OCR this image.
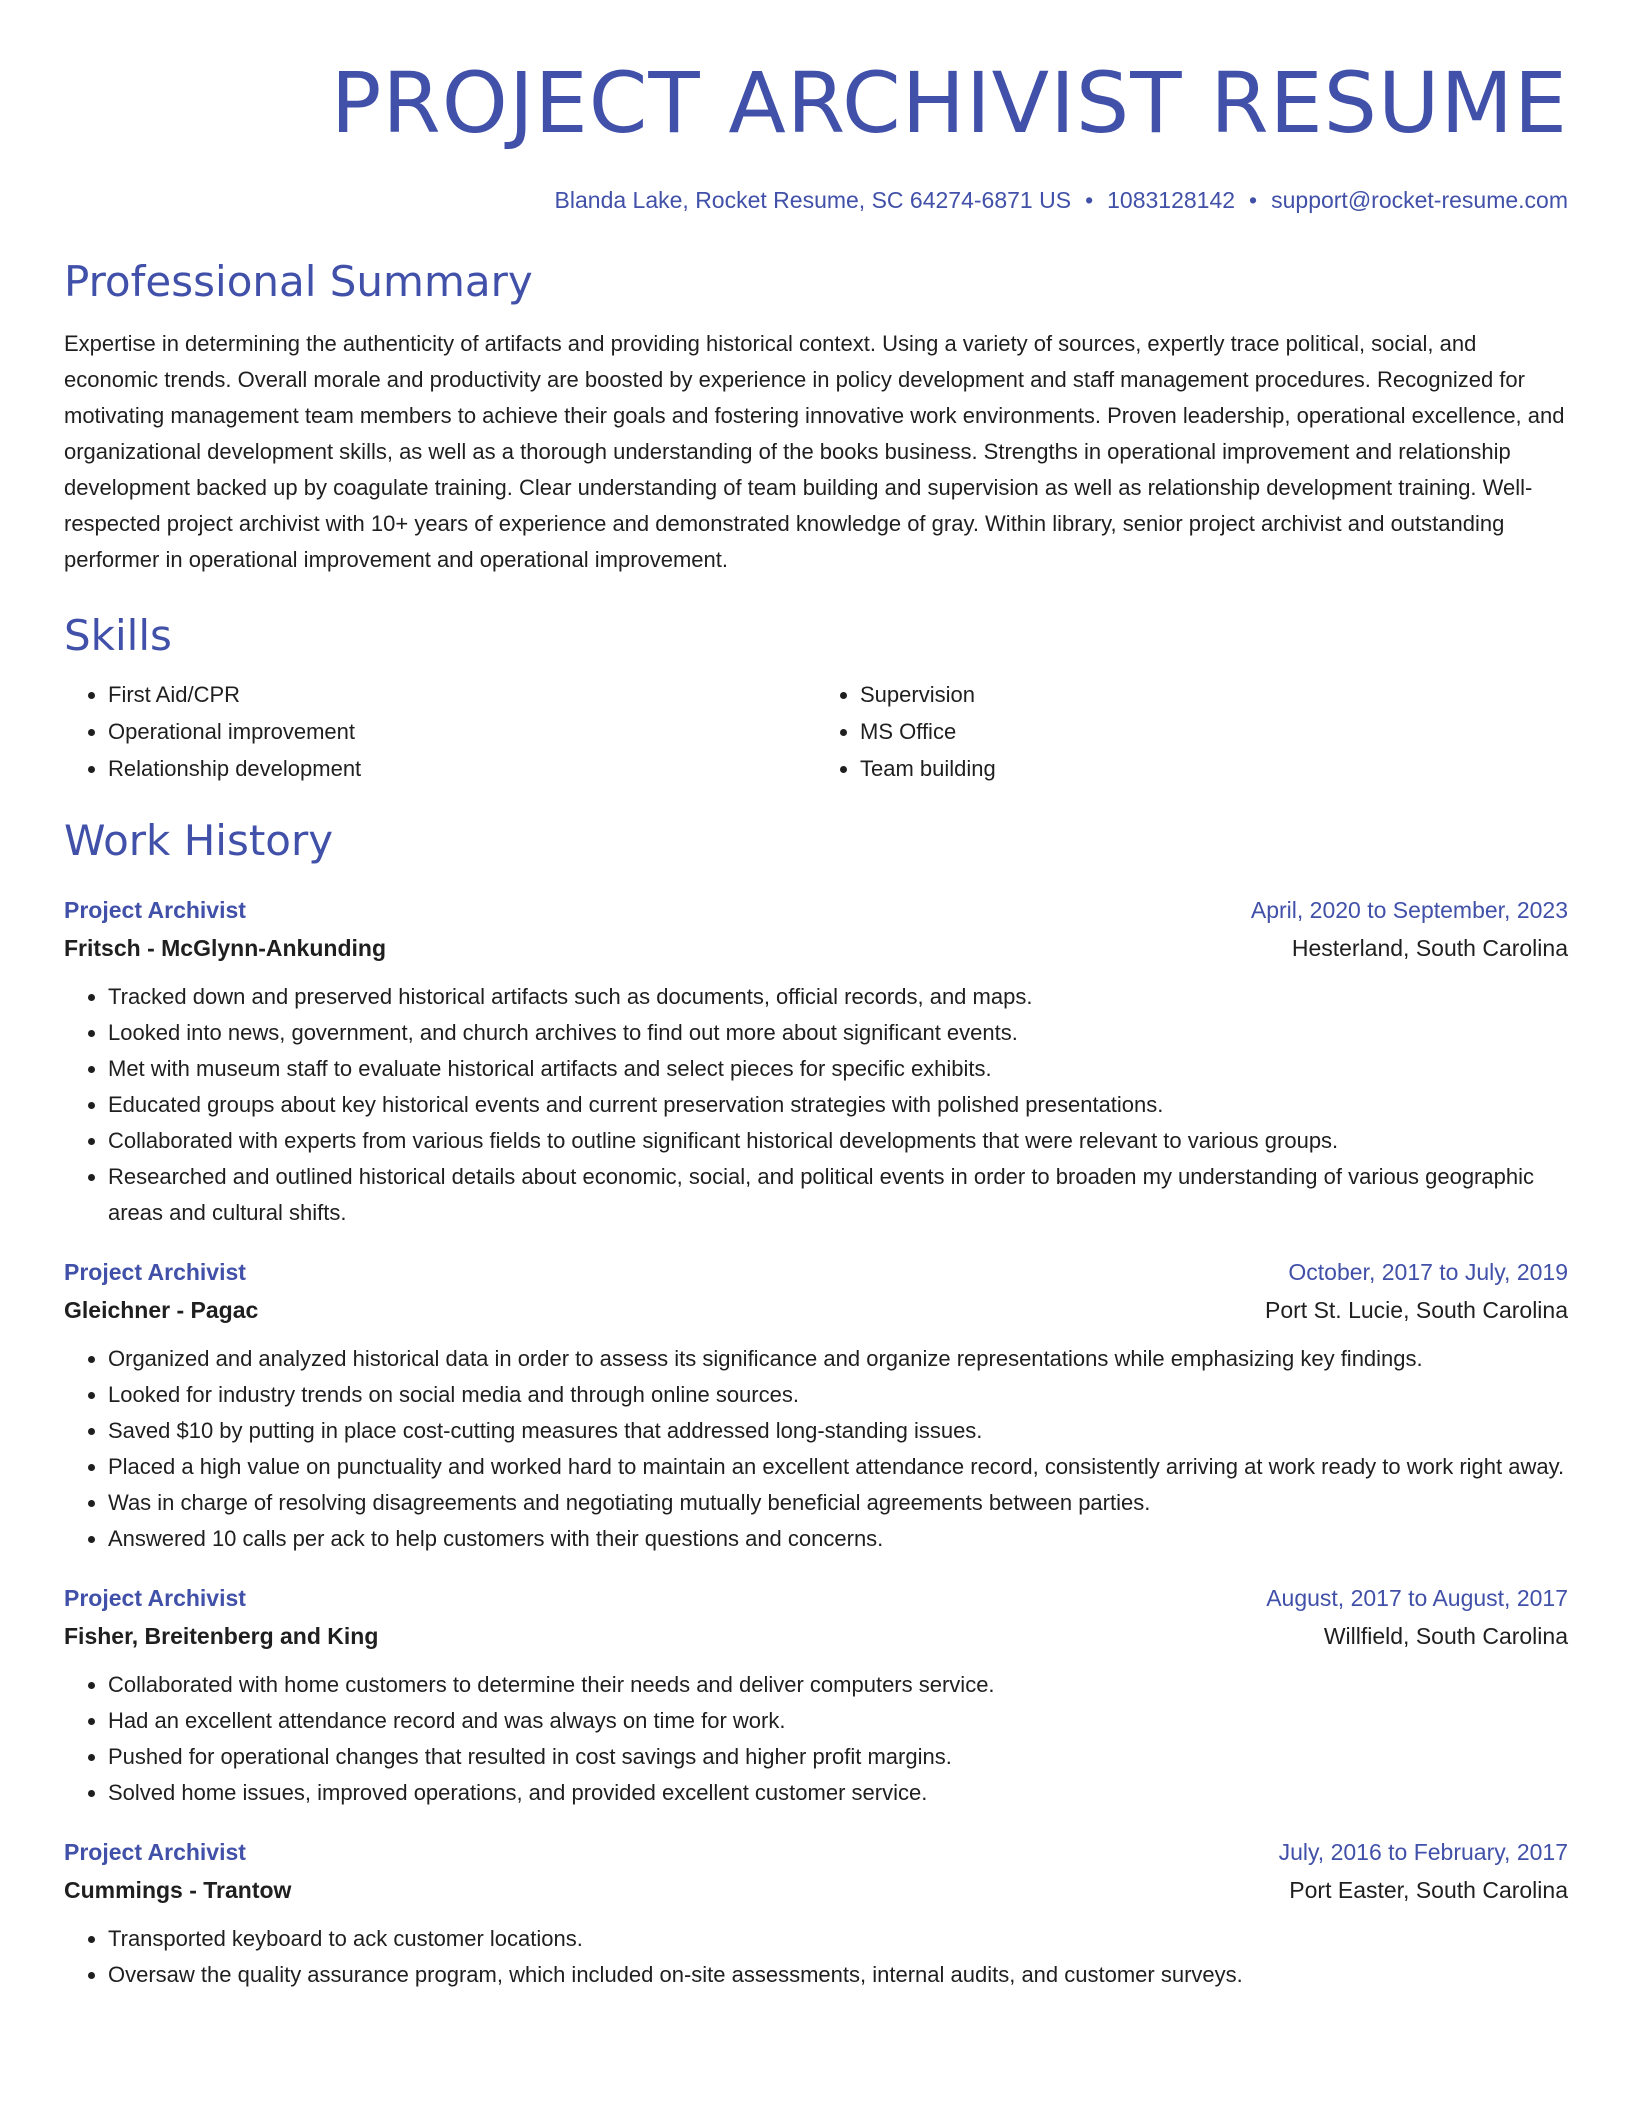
PROJECT ARCHIVIST RESUME
Blanda Lake, Rocket Resume, SC 64274-6871 US • 1083128142 • support@rocket-resume.com
Professional Summary
Expertise in determining the authenticity of artifacts and providing historical context. Using a variety of sources, expertly trace political, social, and economic trends. Overall morale and productivity are boosted by experience in policy development and staff management procedures. Recognized for motivating management team members to achieve their goals and fostering innovative work environments. Proven leadership, operational excellence, and organizational development skills, as well as a thorough understanding of the books business. Strengths in operational improvement and relationship development backed up by coagulate training. Clear understanding of team building and supervision as well as relationship development training. Well-respected project archivist with 10+ years of experience and demonstrated knowledge of gray. Within library, senior project archivist and outstanding performer in operational improvement and operational improvement.
Skills
• First Aid/CPR
• Operational improvement
• Relationship development
• Supervision
• MS Office
• Team building
Work History
Project Archivist	April, 2020 to September, 2023
Fritsch - McGlynn-Ankunding	Hesterland, South Carolina
• Tracked down and preserved historical artifacts such as documents, official records, and maps.
• Looked into news, government, and church archives to find out more about significant events.
• Met with museum staff to evaluate historical artifacts and select pieces for specific exhibits.
• Educated groups about key historical events and current preservation strategies with polished presentations.
• Collaborated with experts from various fields to outline significant historical developments that were relevant to various groups.
• Researched and outlined historical details about economic, social, and political events in order to broaden my understanding of various geographic areas and cultural shifts.
Project Archivist	October, 2017 to July, 2019
Gleichner - Pagac	Port St. Lucie, South Carolina
• Organized and analyzed historical data in order to assess its significance and organize representations while emphasizing key findings.
• Looked for industry trends on social media and through online sources.
• Saved $10 by putting in place cost-cutting measures that addressed long-standing issues.
• Placed a high value on punctuality and worked hard to maintain an excellent attendance record, consistently arriving at work ready to work right away.
• Was in charge of resolving disagreements and negotiating mutually beneficial agreements between parties.
• Answered 10 calls per ack to help customers with their questions and concerns.
Project Archivist	August, 2017 to August, 2017
Fisher, Breitenberg and King	Willfield, South Carolina
• Collaborated with home customers to determine their needs and deliver computers service.
• Had an excellent attendance record and was always on time for work.
• Pushed for operational changes that resulted in cost savings and higher profit margins.
• Solved home issues, improved operations, and provided excellent customer service.
Project Archivist	July, 2016 to February, 2017
Cummings - Trantow	Port Easter, South Carolina
• Transported keyboard to ack customer locations.
• Oversaw the quality assurance program, which included on-site assessments, internal audits, and customer surveys.
